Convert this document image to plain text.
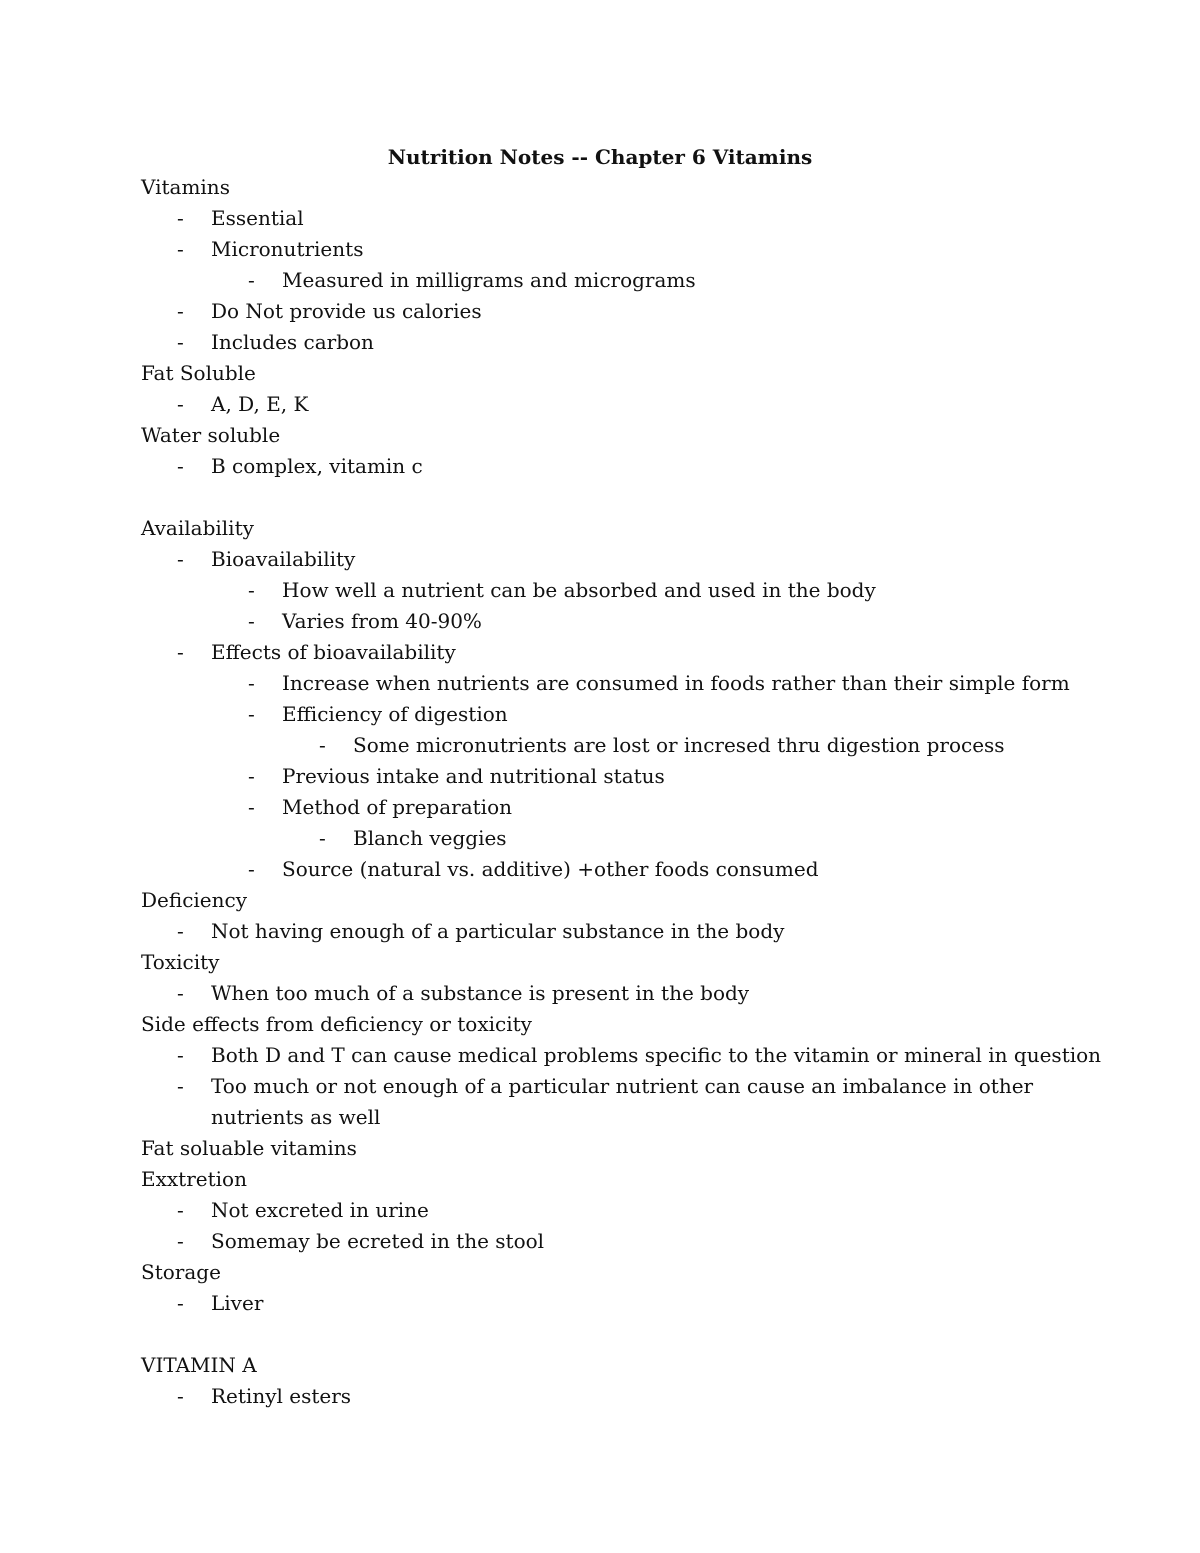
Nutrition Notes -- Chapter 6 Vitamins
Vitamins
- Essential
- Micronutrients
- Measured in milligrams and micrograms
- Do Not provide us calories
- Includes carbon
Fat Soluble
- A, D, E, K
Water soluble
- B complex, vitamin c
Availability
- Bioavailability
- How well a nutrient can be absorbed and used in the body
- Varies from 40-90%
- Effects of bioavailability
- Increase when nutrients are consumed in foods rather than their simple form
- Efficiency of digestion
- Some micronutrients are lost or incresed thru digestion process
- Previous intake and nutritional status
- Method of preparation
- Blanch veggies
- Source (natural vs. additive) +other foods consumed
Deficiency
- Not having enough of a particular substance in the body
Toxicity
- When too much of a substance is present in the body
Side effects from deficiency or toxicity
- Both D and T can cause medical problems specific to the vitamin or mineral in question
- Too much or not enough of a particular nutrient can cause an imbalance in other nutrients as well
Fat soluable vitamins
Exxtretion
- Not excreted in urine
- Somemay be ecreted in the stool
Storage
- Liver
VITAMIN A
- Retinyl esters
